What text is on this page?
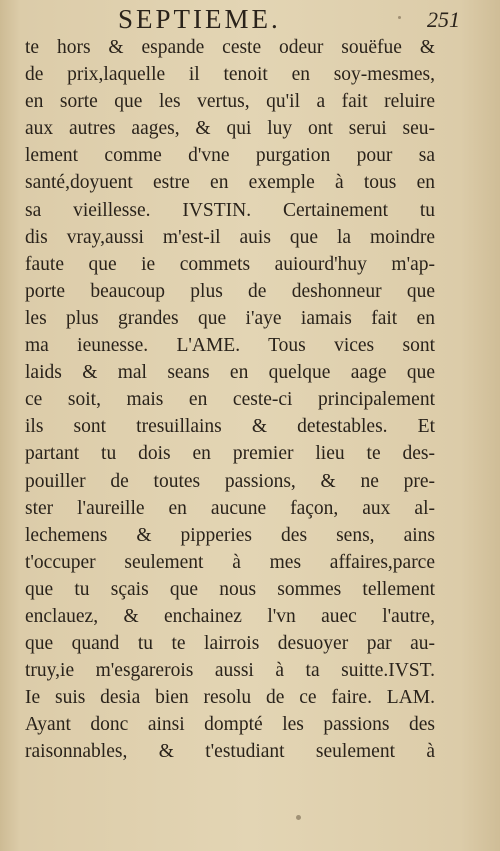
SEPTIEME.	251
te hors & espande ceste odeur souëfue &
de prix,laquelle il tenoit en soy-mesmes,
en sorte que les vertus, qu'il a fait reluire
aux autres aages, & qui luy ont serui seu-
lement comme d'vne purgation pour sa
santé,doyuent estre en exemple à tous en
sa vieillesse. IVSTIN. Certainement tu
dis vray,aussi m'est-il auis que la moindre
faute que ie commets auiourd'huy m'ap-
porte beaucoup plus de deshonneur que
les plus grandes que i'aye iamais fait en
ma ieunesse. L'AME. Tous vices sont
laids & mal seans en quelque aage que
ce soit, mais en ceste-ci principalement
ils sont tresuillains & detestables. Et
partant tu dois en premier lieu te des-
pouiller de toutes passions, & ne pre-
ster l'aureille en aucune façon, aux al-
lechemens & pipperies des sens, ains
t'occuper seulement à mes affaires,parce
que tu sçais que nous sommes tellement
enclauez, & enchainez l'vn auec l'autre,
que quand tu te lairrois desuoyer par au-
truy,ie m'esgarerois aussi à ta suitte.IVST.
Ie suis desia bien resolu de ce faire. LAM.
Ayant donc ainsi dompté les passions des
raisonnables, & t'estudiant seulement à
